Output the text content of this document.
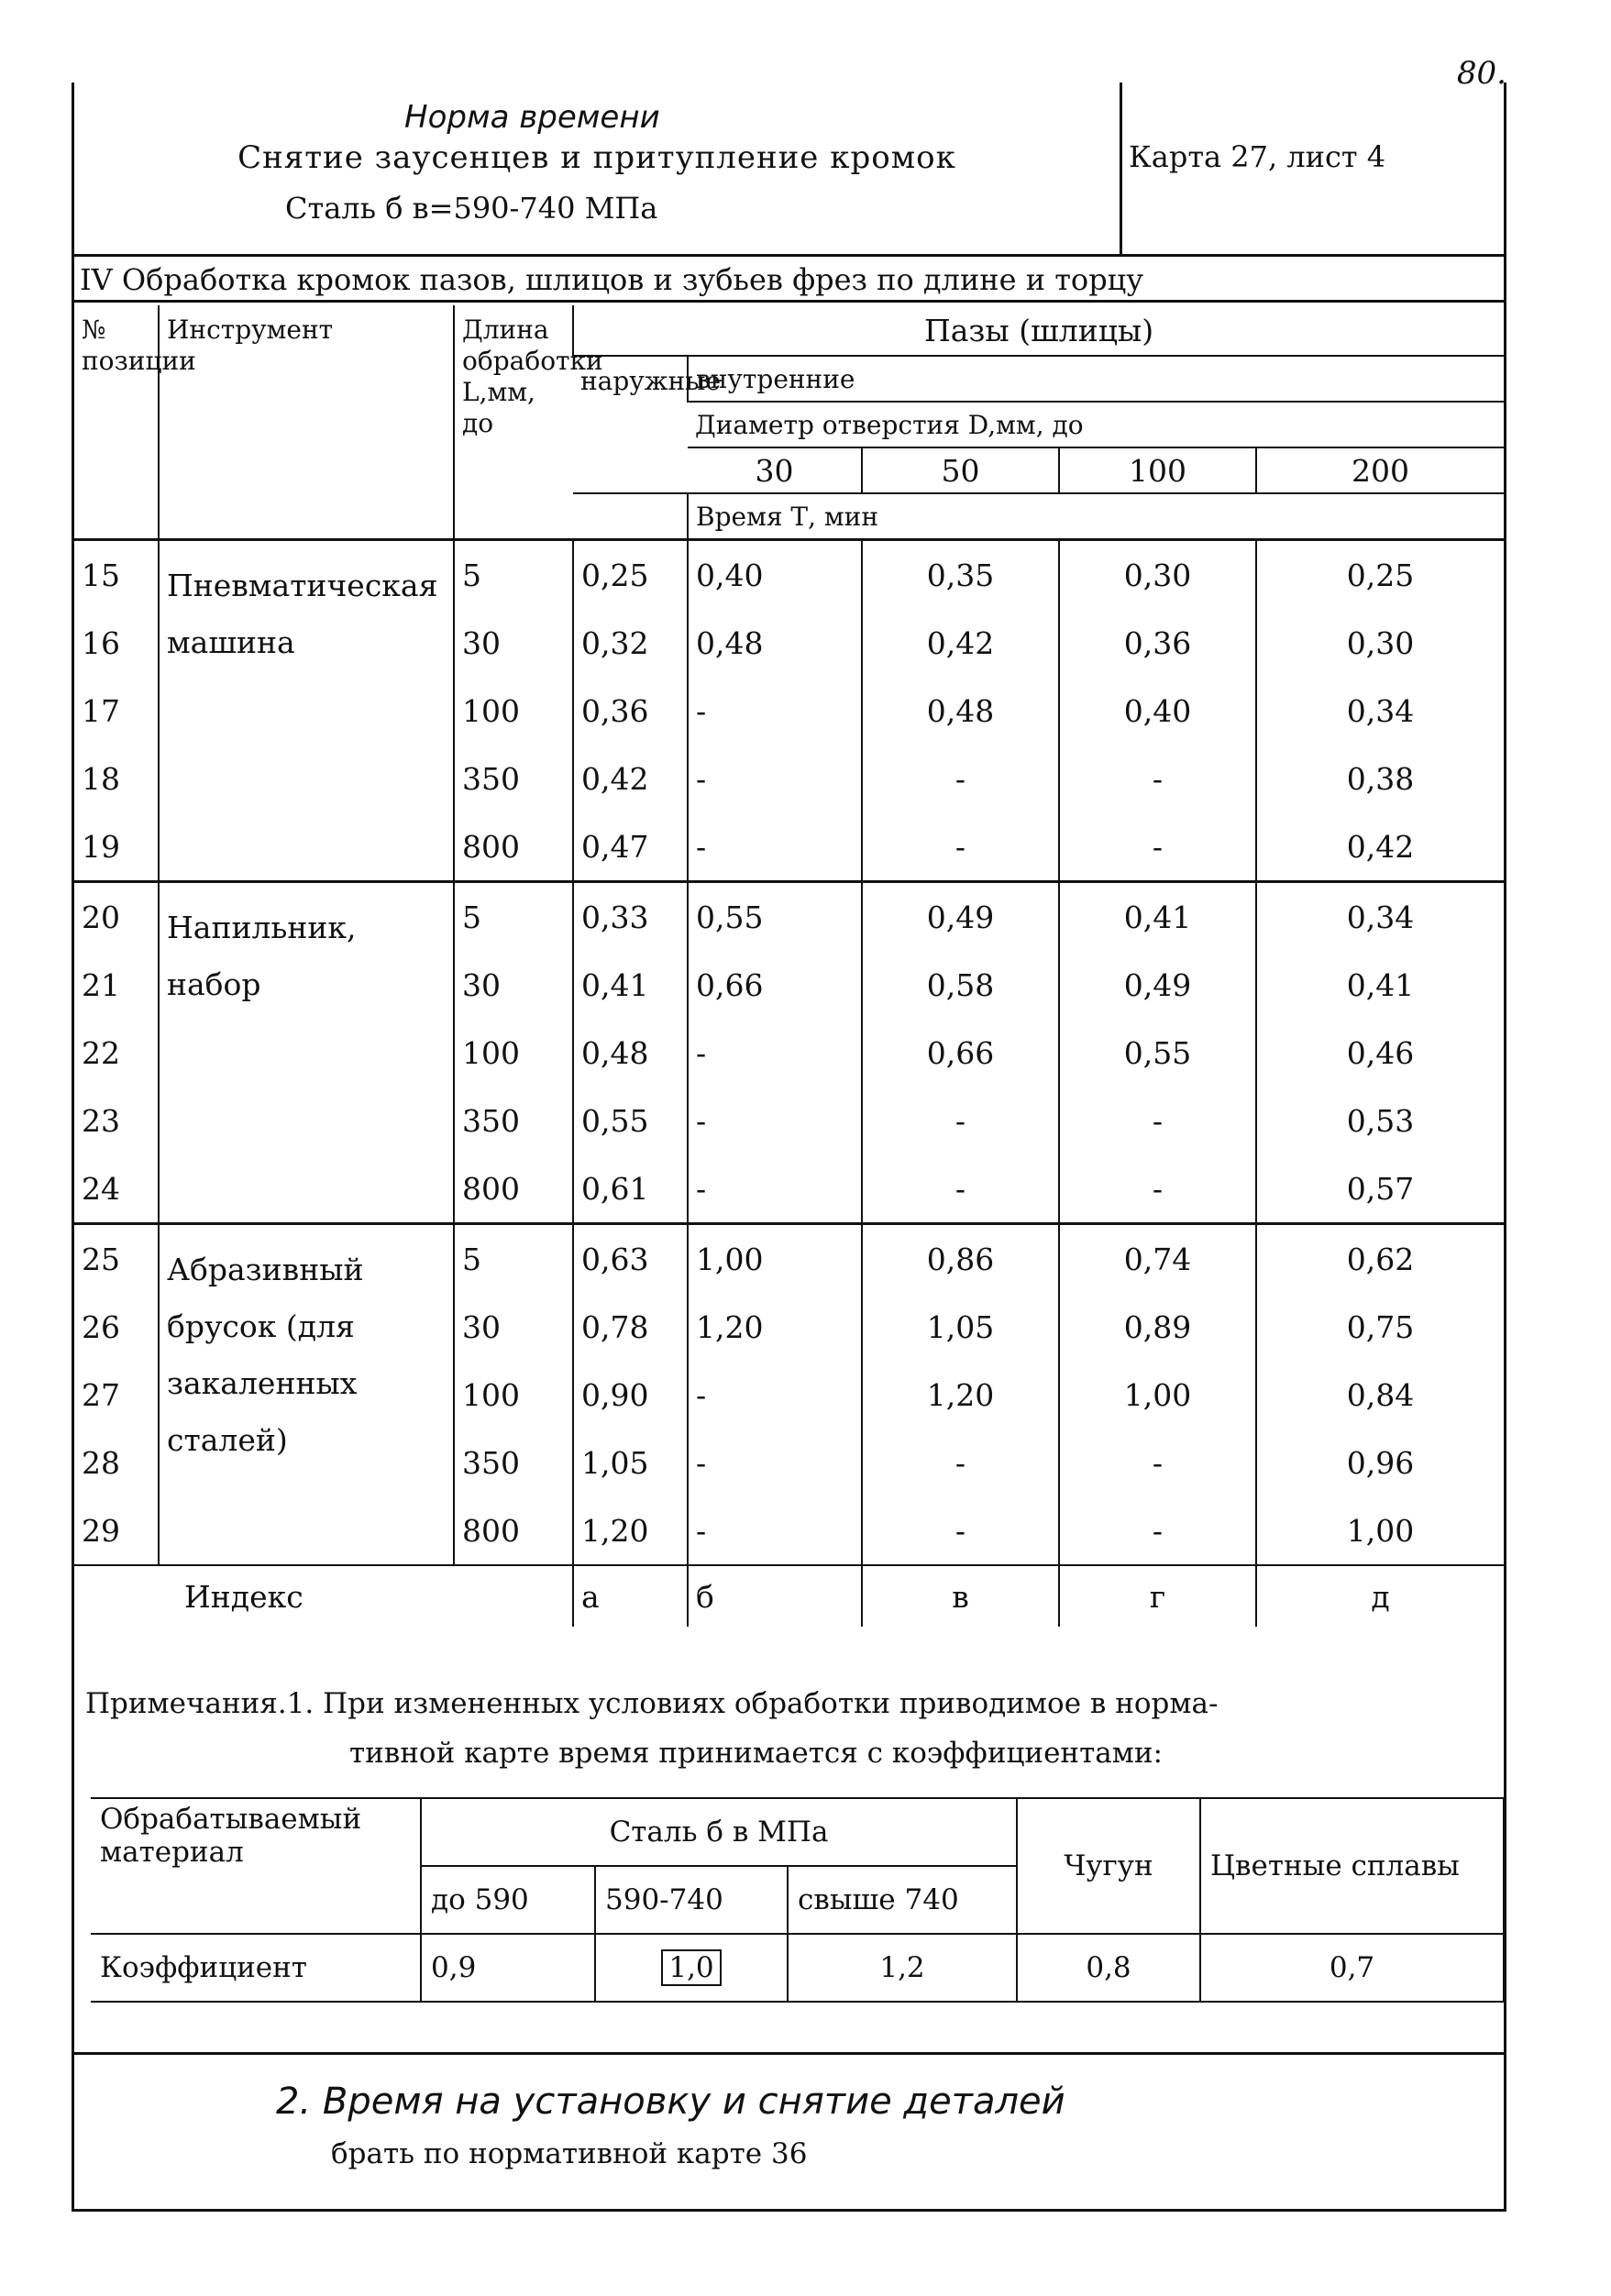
80.
Норма времени
Снятие заусенцев и притупление кромок
Сталь б в=590-740 МПа
Карта 27, лист 4
IV Обработка кромок пазов, шлицов и зубьев фрез по длине и торцу
№ позиции	Инструмент	Длина обработки L,мм, до	Пазы (шлицы)				
			наружные	внутренние			
				Диаметр отверстия D,мм, до			
				30	50	100	200
				Время Т, мин			
15	Пневматическая машина	5	0,25	0,40	0,35	0,30	0,25
16		30	0,32	0,48	0,42	0,36	0,30
17		100	0,36	-	0,48	0,40	0,34
18		350	0,42	-	-	-	0,38
19		800	0,47	-	-	-	0,42
20	Напильник, набор	5	0,33	0,55	0,49	0,41	0,34
21		30	0,41	0,66	0,58	0,49	0,41
22		100	0,48	-	0,66	0,55	0,46
23		350	0,55	-	-	-	0,53
24		800	0,61	-	-	-	0,57
25	Абразивный брусок (для закаленных сталей)	5	0,63	1,00	0,86	0,74	0,62
26		30	0,78	1,20	1,05	0,89	0,75
27		100	0,90	-	1,20	1,00	0,84
28		350	1,05	-	-	-	0,96
29		800	1,20	-	-	-	1,00
Индекс			а	б	в	г	д
Примечания.1. При измененных условиях обработки приводимое в норма-
тивной карте время принимается с коэффициентами:
Обрабатываемый материал	Сталь б в МПа			Чугун	Цветные сплавы
	до 590	590-740	свыше 740		
Коэффициент	0,9	1,0	1,2	0,8	0,7
2. Время на установку и снятие деталей
брать по нормативной карте 36
